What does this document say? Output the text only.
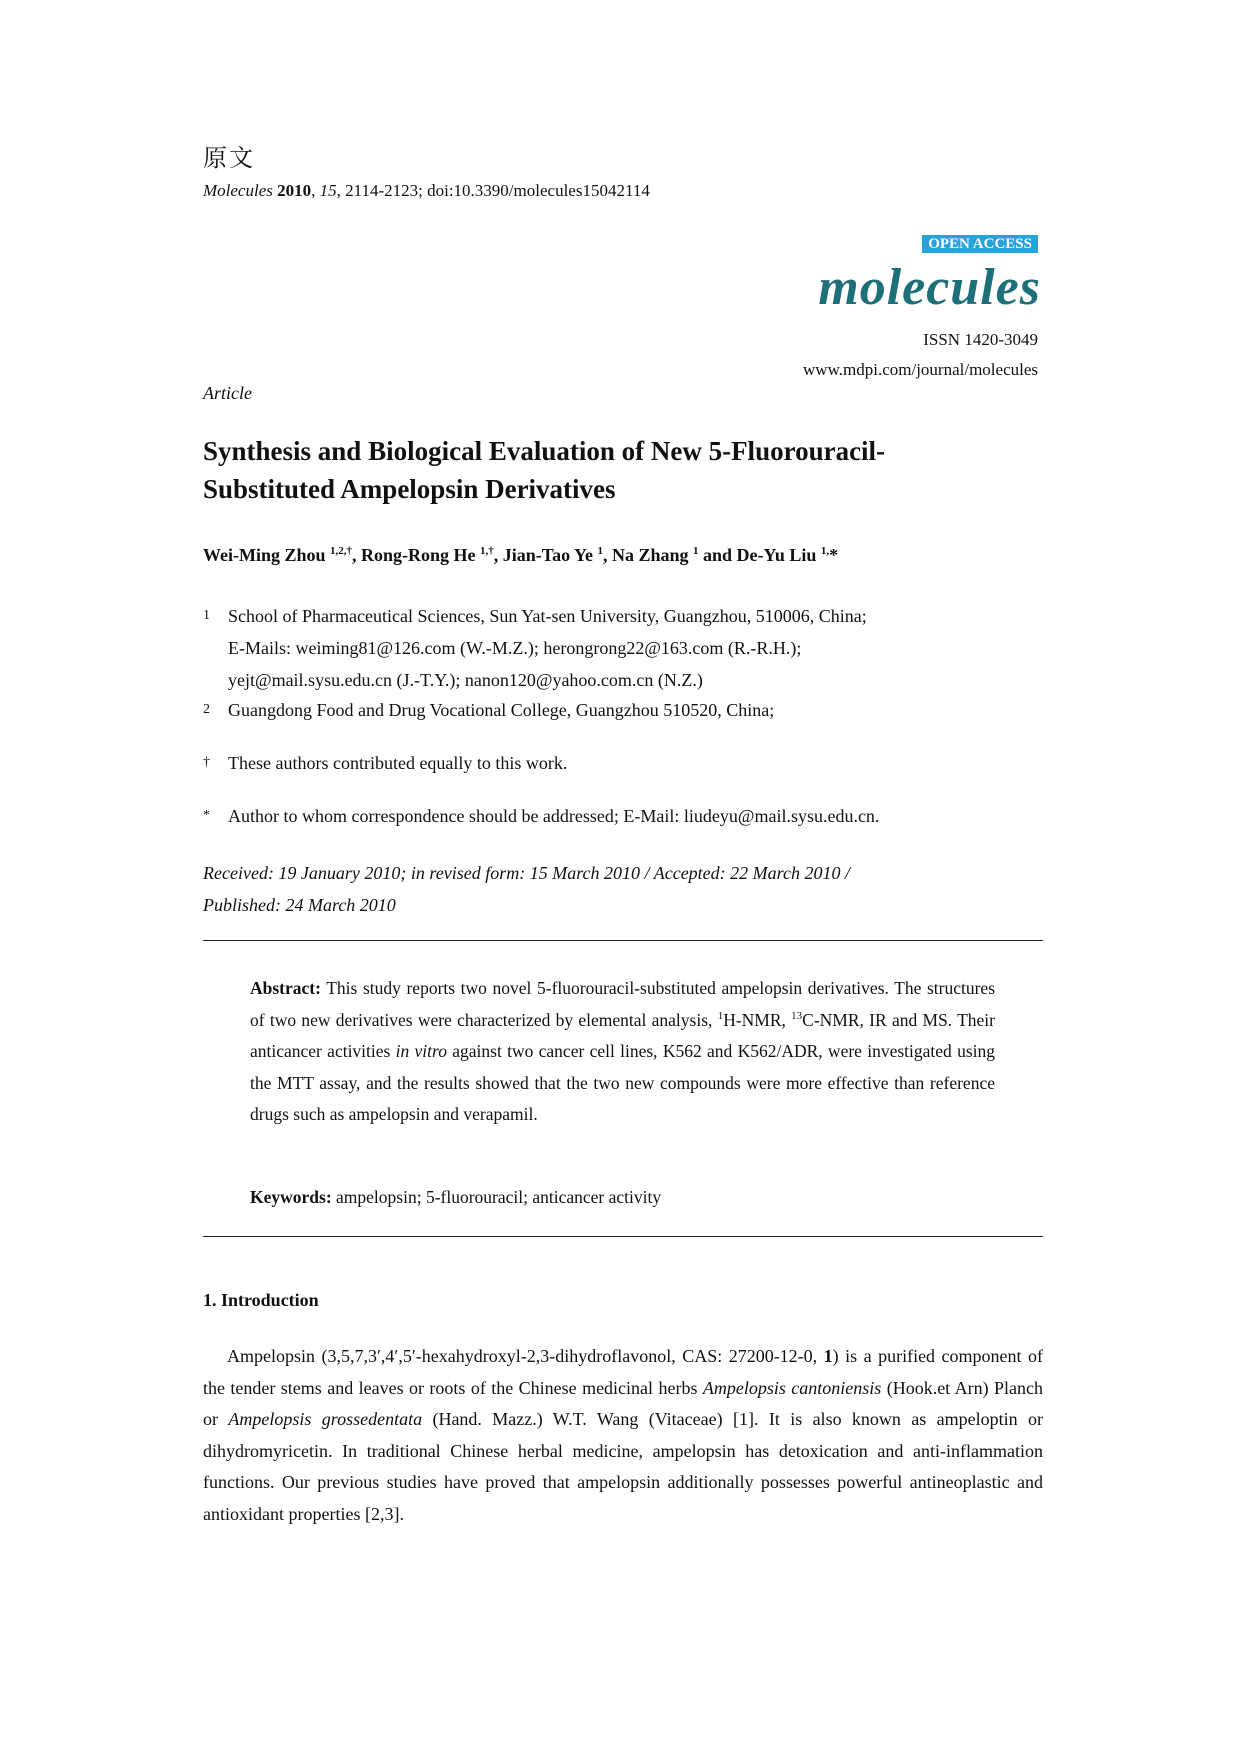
原文
Molecules 2010, 15, 2114-2123; doi:10.3390/molecules15042114
OPEN ACCESS
molecules
ISSN 1420-3049
www.mdpi.com/journal/molecules
Article
Synthesis and Biological Evaluation of New 5-Fluorouracil-
Substituted Ampelopsin Derivatives
Wei-Ming Zhou $^{1,2,\dagger}$, Rong-Rong He $^{1,\dagger}$, Jian-Tao Ye $^1$, Na Zhang $^1$ and De-Yu Liu $^{1,}$*
1 School of Pharmaceutical Sciences, Sun Yat-sen University, Guangzhou, 510006, China;
E-Mails: weiming81@126.com (W.-M.Z.); herongrong22@163.com (R.-R.H.);
yejt@mail.sysu.edu.cn (J.-T.Y.); nanon120@yahoo.com.cn (N.Z.)
2 Guangdong Food and Drug Vocational College, Guangzhou 510520, China;
† These authors contributed equally to this work.
* Author to whom correspondence should be addressed; E-Mail: liudeyu@mail.sysu.edu.cn.
Received: 19 January 2010; in revised form: 15 March 2010 / Accepted: 22 March 2010 /
Published: 24 March 2010
Abstract: This study reports two novel 5-fluorouracil-substituted ampelopsin derivatives. The structures of two new derivatives were characterized by elemental analysis, $^1$H-NMR, $^{13}$C-NMR, IR and MS. Their anticancer activities in vitro against two cancer cell lines, K562 and K562/ADR, were investigated using the MTT assay, and the results showed that the two new compounds were more effective than reference drugs such as ampelopsin and verapamil.
Keywords: ampelopsin; 5-fluorouracil; anticancer activity
1. Introduction
Ampelopsin (3,5,7,3′,4′,5′-hexahydroxyl-2,3-dihydroflavonol, CAS: 27200-12-0, 1) is a purified component of the tender stems and leaves or roots of the Chinese medicinal herbs Ampelopsis cantoniensis (Hook.et Arn) Planch or Ampelopsis grossedentata (Hand. Mazz.) W.T. Wang (Vitaceae) [1]. It is also known as ampeloptin or dihydromyricetin. In traditional Chinese herbal medicine, ampelopsin has detoxication and anti-inflammation functions. Our previous studies have proved that ampelopsin additionally possesses powerful antineoplastic and antioxidant properties [2,3].
